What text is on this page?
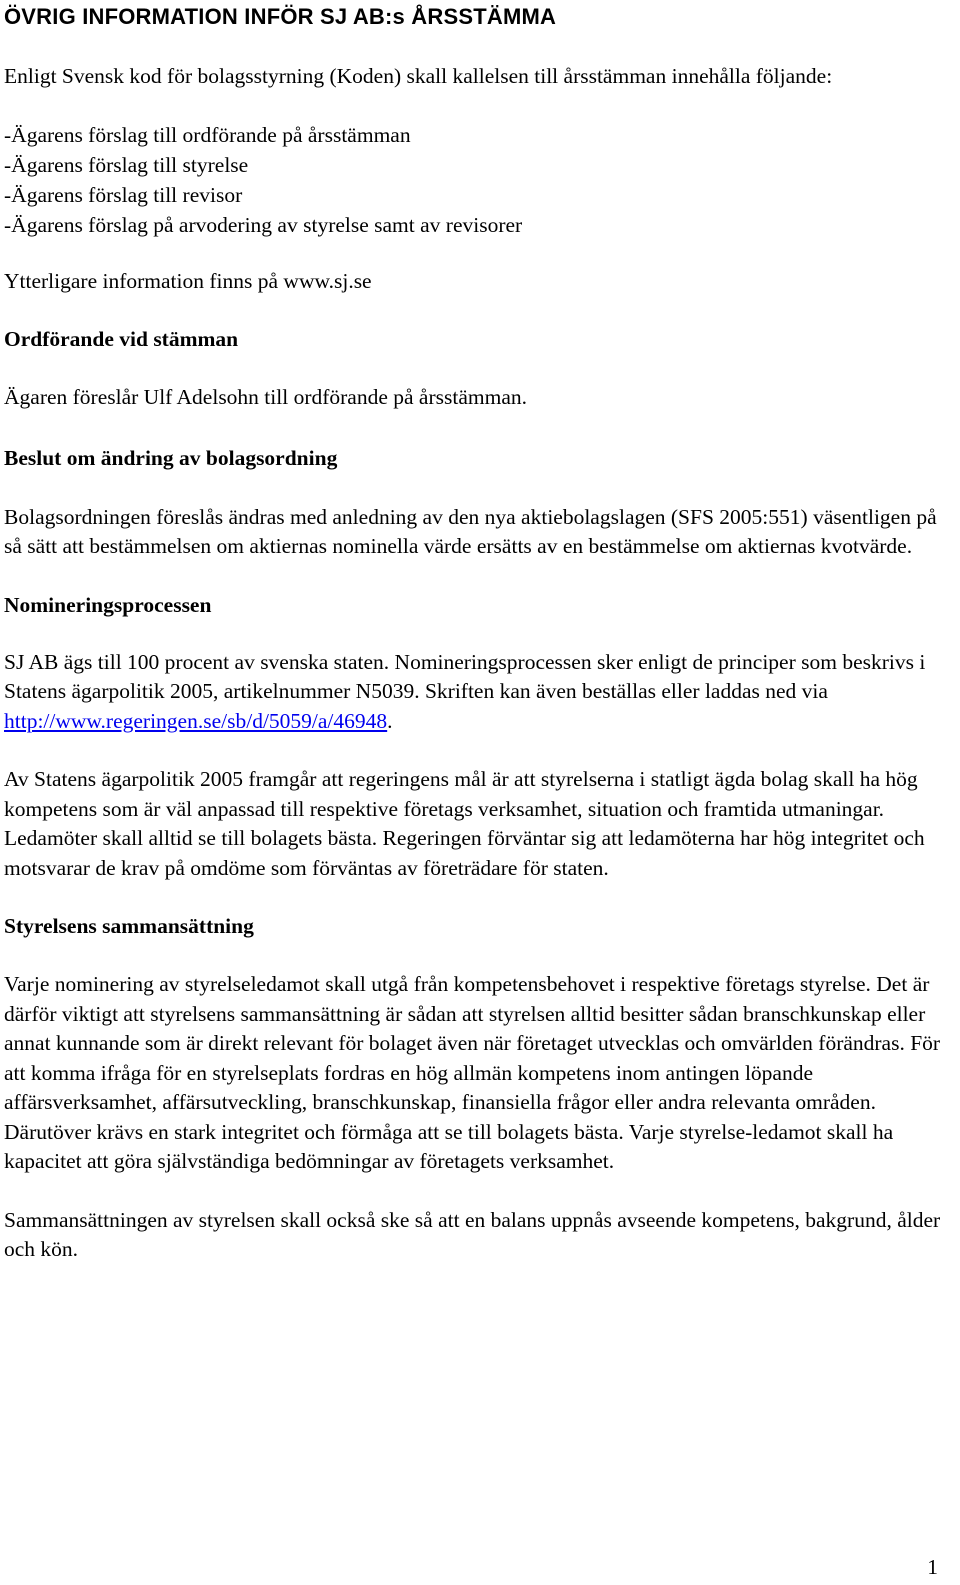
ÖVRIG INFORMATION INFÖR SJ AB:s ÅRSSTÄMMA

Enligt Svensk kod för bolagsstyrning (Koden) skall kallelsen till årsstämman innehålla följande:

- Ägarens förslag till ordförande på årsstämman
- Ägarens förslag till styrelse
- Ägarens förslag till revisor
- Ägarens förslag på arvodering av styrelse samt av revisorer

Ytterligare information finns på www.sj.se

Ordförande vid stämman

Ägaren föreslår Ulf Adelsohn till ordförande på årsstämman.

Beslut om ändring av bolagsordning

Bolagsordningen föreslås ändras med anledning av den nya aktiebolagslagen (SFS 2005:551) väsentligen på så sätt att bestämmelsen om aktiernas nominella värde ersätts av en bestämmelse om aktiernas kvotvärde.

Nomineringsprocessen

SJ AB ägs till 100 procent av svenska staten. Nomineringsprocessen sker enligt de principer som beskrivs i Statens ägarpolitik 2005, artikelnummer N5039. Skriften kan även beställas eller laddas ned via http://www.regeringen.se/sb/d/5059/a/46948.

Av Statens ägarpolitik 2005 framgår att regeringens mål är att styrelserna i statligt ägda bolag skall ha hög kompetens som är väl anpassad till respektive företags verksamhet, situation och framtida utmaningar. Ledamöter skall alltid se till bolagets bästa. Regeringen förväntar sig att ledamöterna har hög integritet och motsvarar de krav på omdöme som förväntas av företrädare för staten.

Styrelsens sammansättning

Varje nominering av styrelseledamot skall utgå från kompetensbehovet i respektive företags styrelse. Det är därför viktigt att styrelsens sammansättning är sådan att styrelsen alltid besitter sådan branschkunskap eller annat kunnande som är direkt relevant för bolaget även när företaget utvecklas och omvärlden förändras. För att komma ifråga för en styrelseplats fordras en hög allmän kompetens inom antingen löpande affärsverksamhet, affärsutveckling, branschkunskap, finansiella frågor eller andra relevanta områden. Därutöver krävs en stark integritet och förmåga att se till bolagets bästa. Varje styrelse-ledamot skall ha kapacitet att göra självständiga bedömningar av företagets verksamhet.

Sammansättningen av styrelsen skall också ske så att en balans uppnås avseende kompetens, bakgrund, ålder och kön.

1
